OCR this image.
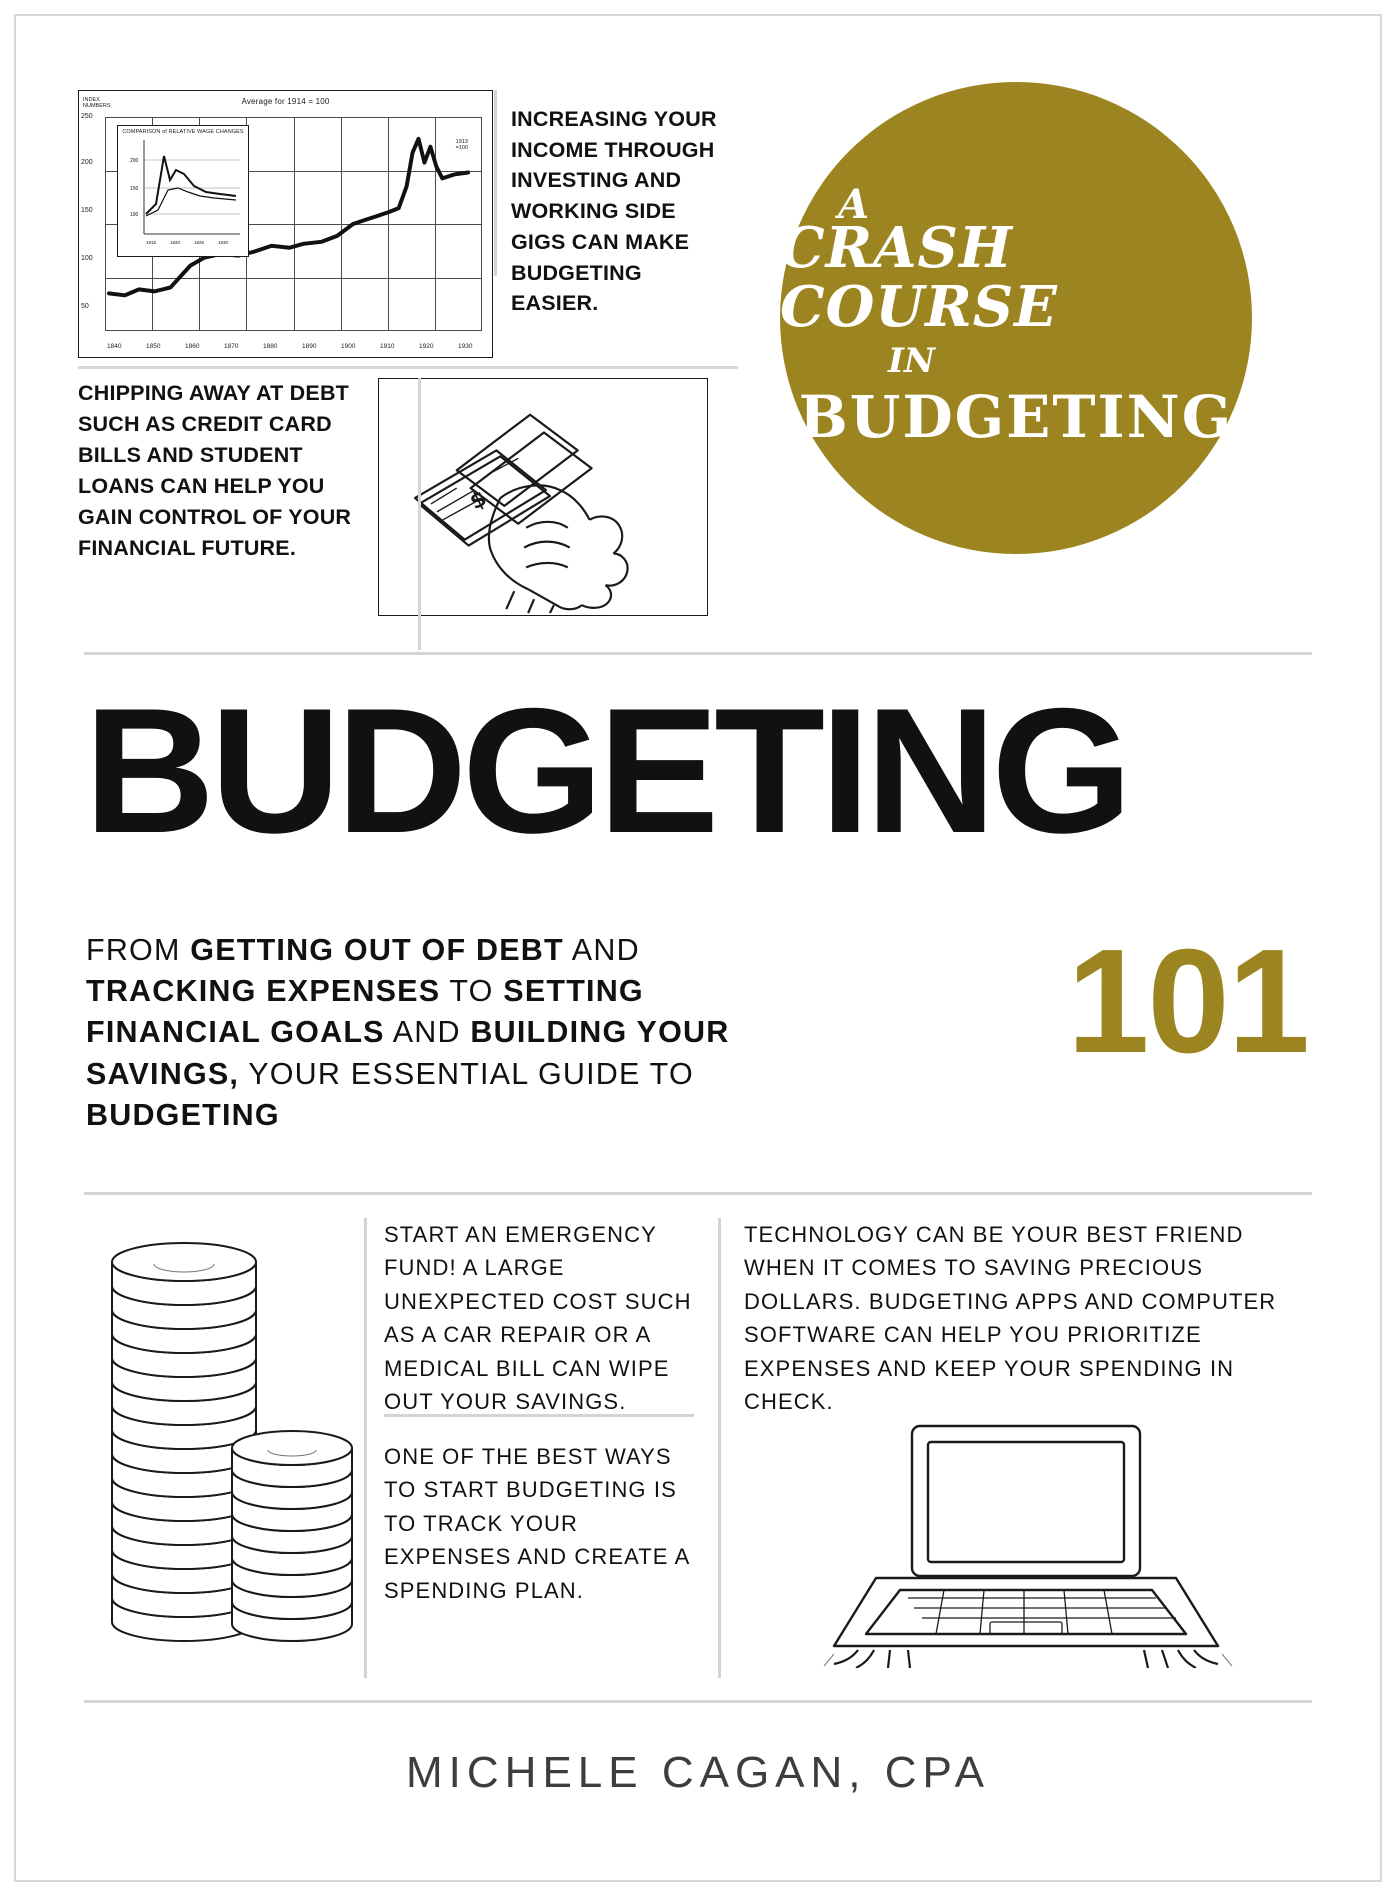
Average for 1914 = 100
INDEX
NUMBERS
250
200
150
100
50
1913
=100
COMPARISON of RELATIVE WAGE CHANGES
200
150
100
1915	1920	1925	1930
1840	1850	1860	1870	1880	1890	1900	1910	1920	1930
INCREASING YOUR INCOME THROUGH INVESTING AND WORKING SIDE GIGS CAN MAKE BUDGETING EASIER.
CHIPPING AWAY AT DEBT SUCH AS CREDIT CARD BILLS AND STUDENT LOANS CAN HELP YOU GAIN CONTROL OF YOUR FINANCIAL FUTURE.
$
A
CRASH COURSE
IN
BUDGETING
BUDGETING
FROM GETTING OUT OF DEBT AND TRACKING EXPENSES TO SETTING FINANCIAL GOALS AND BUILDING YOUR SAVINGS, YOUR ESSENTIAL GUIDE TO BUDGETING
101
START AN EMERGENCY FUND! A LARGE UNEXPECTED COST SUCH AS A CAR REPAIR OR A MEDICAL BILL CAN WIPE OUT YOUR SAVINGS.
ONE OF THE BEST WAYS TO START BUDGETING IS TO TRACK YOUR EXPENSES AND CREATE A SPENDING PLAN.
TECHNOLOGY CAN BE YOUR BEST FRIEND WHEN IT COMES TO SAVING PRECIOUS DOLLARS. BUDGETING APPS AND COMPUTER SOFTWARE CAN HELP YOU PRIORITIZE EXPENSES AND KEEP YOUR SPENDING IN CHECK.
MICHELE CAGAN, CPA
